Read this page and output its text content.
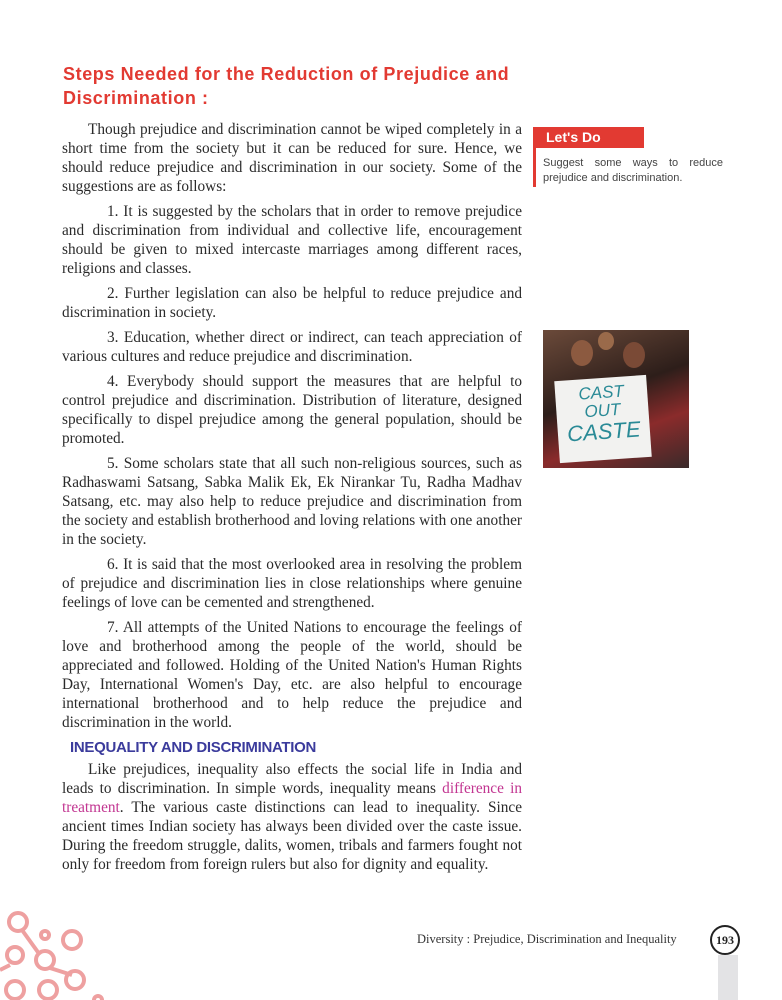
Steps Needed for the Reduction of Prejudice and Discrimination :

Though prejudice and discrimination cannot be wiped completely in a short time from the society but it can be reduced for sure. Hence, we should reduce prejudice and discrimination in our society. Some of the suggestions are as follows:

1. It is suggested by the scholars that in order to remove prejudice and discrimination from individual and collective life, encouragement should be given to mixed intercaste marriages among different races, religions and classes.

2. Further legislation can also be helpful to reduce prejudice and discrimination in society.

3. Education, whether direct or indirect, can teach appreciation of various cultures and reduce prejudice and discrimination.

4. Everybody should support the measures that are helpful to control prejudice and discrimination. Distribution of literature, designed specifically to dispel prejudice among the general population, should be promoted.

5. Some scholars state that all such non-religious sources, such as Radhaswami Satsang, Sabka Malik Ek, Ek Nirankar Tu, Radha Madhav Satsang, etc. may also help to reduce prejudice and discrimination from the society and establish brotherhood and loving relations with one another in the society.

6. It is said that the most overlooked area in resolving the problem of prejudice and discrimination lies in close relationships where genuine feelings of love can be cemented and strengthened.

7. All attempts of the United Nations to encourage the feelings of love and brotherhood among the people of the world, should be appreciated and followed. Holding of the United Nation's Human Rights Day, International Women's Day, etc. are also helpful to encourage international brotherhood and to help reduce the prejudice and discrimination in the world.

INEQUALITY AND DISCRIMINATION

Like prejudices, inequality also effects the social life in India and leads to discrimination. In simple words, inequality means difference in treatment. The various caste distinctions can lead to inequality. Since ancient times Indian society has always been divided over the caste issue. During the freedom struggle, dalits, women, tribals and farmers fought not only for freedom from foreign rulers but also for dignity and equality.

Let's Do
Suggest some ways to reduce prejudice and discrimination.
CAST
OUT
CASTE
Diversity : Prejudice, Discrimination and Inequality	193
